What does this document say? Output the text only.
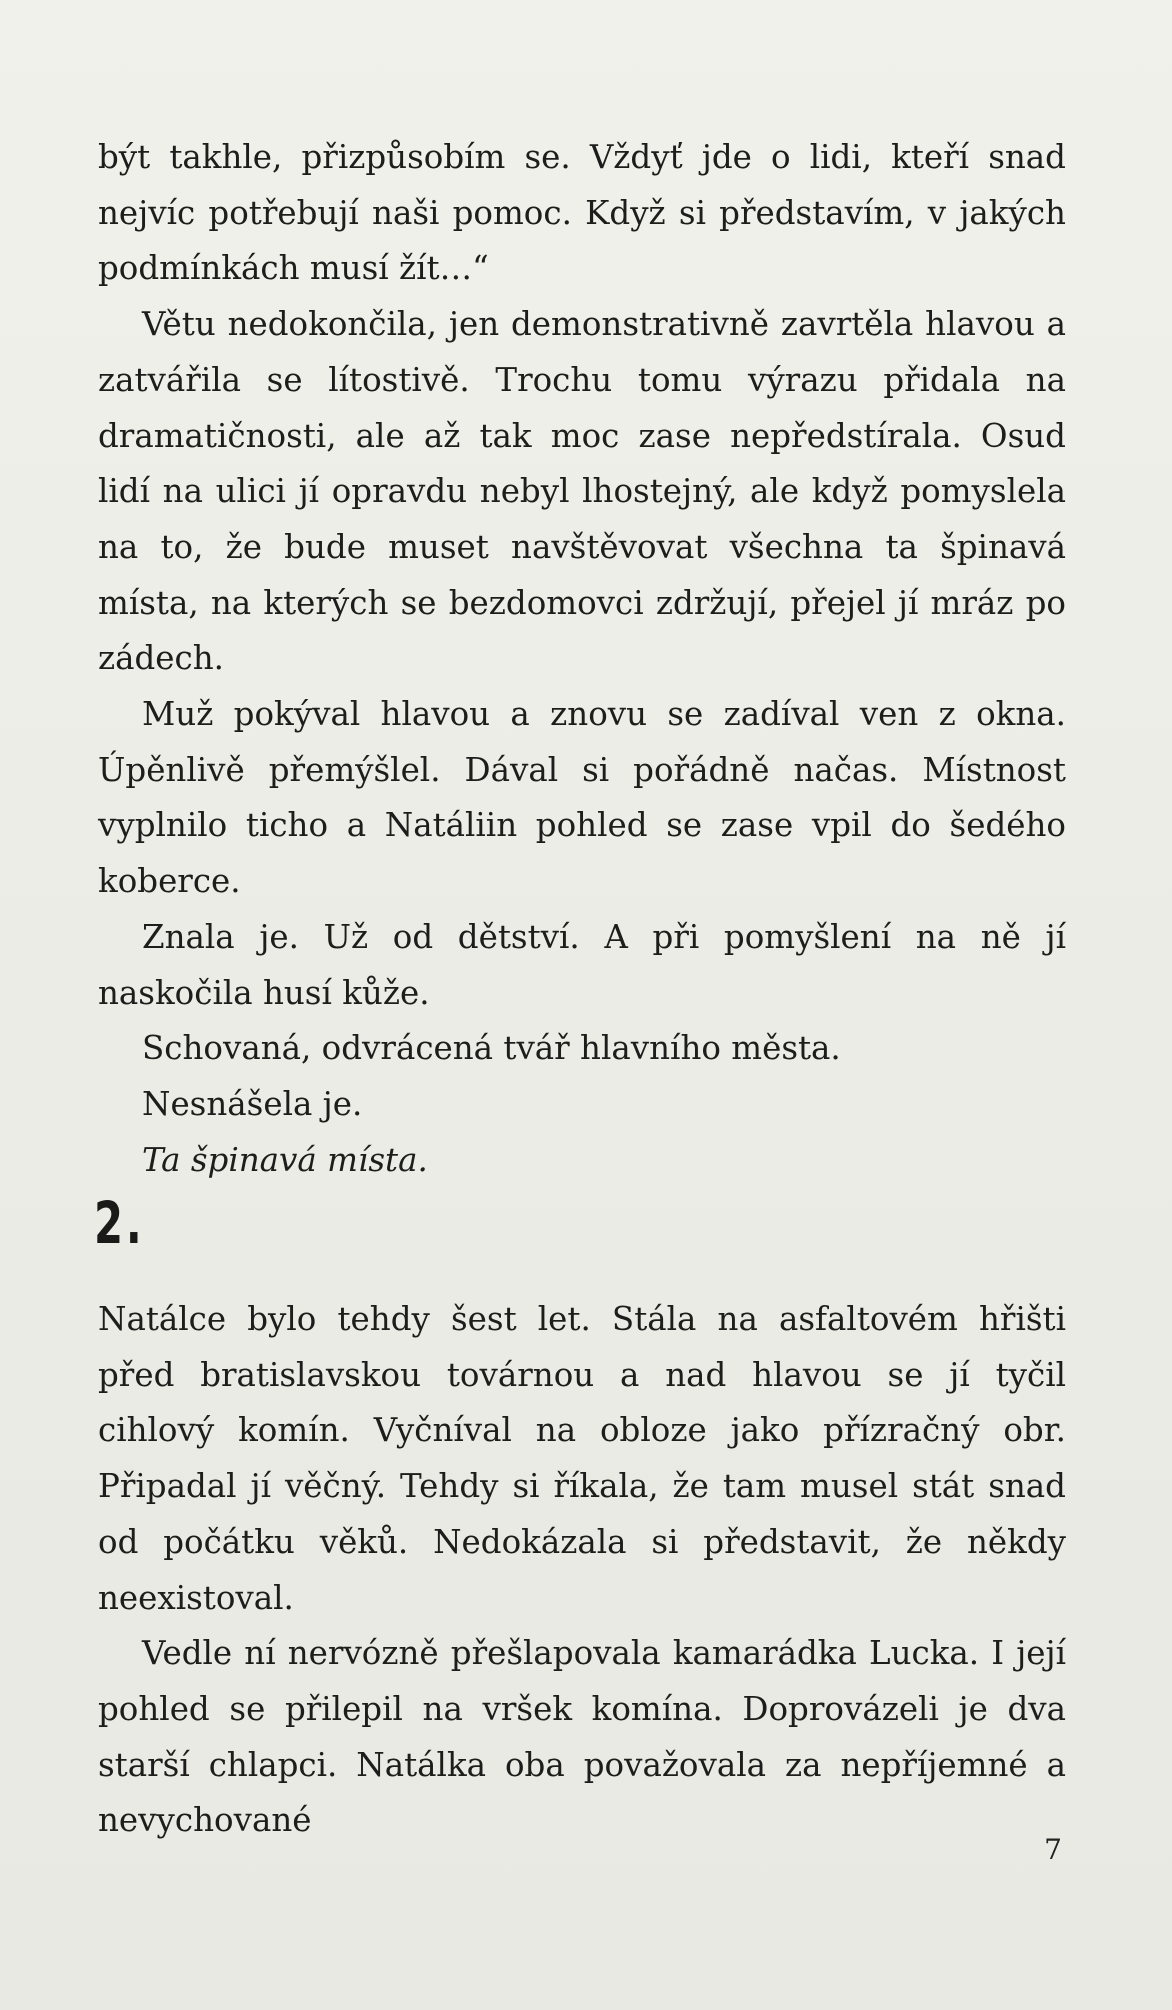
být takhle, přizpůsobím se. Vždyť jde o lidi, kteří snad nejvíc potřebují naši pomoc. Když si představím, v jakých podmínkách musí žít…“

Větu nedokončila, jen demonstrativně zavrtěla hlavou a zatvářila se lítostivě. Trochu tomu výrazu přidala na dramatičnosti, ale až tak moc zase nepředstírala. Osud lidí na ulici jí opravdu nebyl lhostejný, ale když pomyslela na to, že bude muset navštěvovat všechna ta špinavá místa, na kterých se bezdomovci zdržují, přejel jí mráz po zádech.

Muž pokýval hlavou a znovu se zadíval ven z okna. Úpěnlivě přemýšlel. Dával si pořádně načas. Místnost vyplnilo ticho a Natáliin pohled se zase vpil do šedého koberce.

Znala je. Už od dětství. A při pomyšlení na ně jí naskočila husí kůže.

Schovaná, odvrácená tvář hlavního města.

Nesnášela je.

Ta špinavá místa.

2.

Natálce bylo tehdy šest let. Stála na asfaltovém hřišti před bratislavskou továrnou a nad hlavou se jí tyčil cihlový komín. Vyčníval na obloze jako přízračný obr. Připadal jí věčný. Tehdy si říkala, že tam musel stát snad od počátku věků. Nedokázala si představit, že někdy neexistoval.

Vedle ní nervózně přešlapovala kamarádka Lucka. I její pohled se přilepil na vršek komína. Doprovázeli je dva starší chlapci. Natálka oba považovala za nepříjemné a nevychované

7
